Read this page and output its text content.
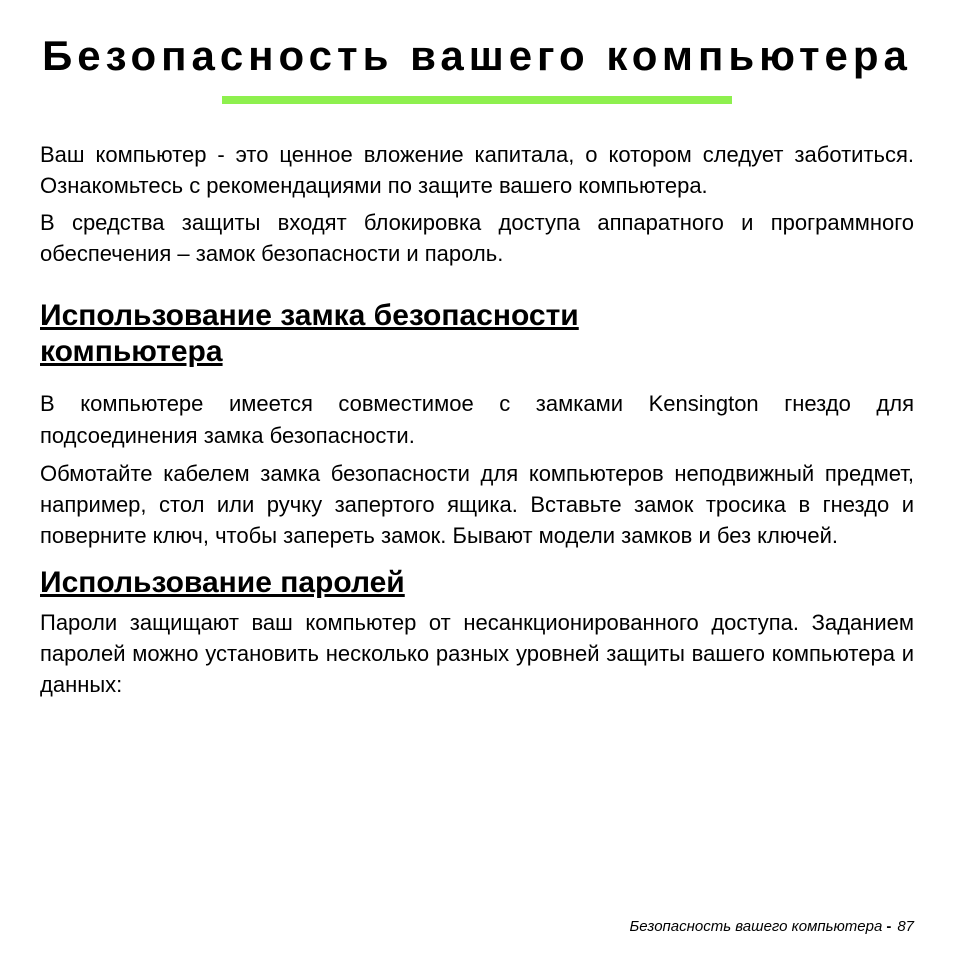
Безопасность вашего компьютера

Ваш компьютер - это ценное вложение капитала, о котором следует заботиться. Ознакомьтесь с рекомендациями по защите вашего компьютера.

В средства защиты входят блокировка доступа аппаратного и программного обеспечения – замок безопасности и пароль.

Использование замка безопасности компьютера

В компьютере имеется совместимое с замками Kensington гнездо для подсоединения замка безопасности.

Обмотайте кабелем замка безопасности для компьютеров неподвижный предмет, например, стол или ручку запертого ящика. Вставьте замок тросика в гнездо и поверните ключ, чтобы запереть замок. Бывают модели замков и без ключей.

Использование паролей

Пароли защищают ваш компьютер от несанкционированного доступа. Заданием паролей можно установить несколько разных уровней защиты вашего компьютера и данных:

Безопасность вашего компьютера - 87
